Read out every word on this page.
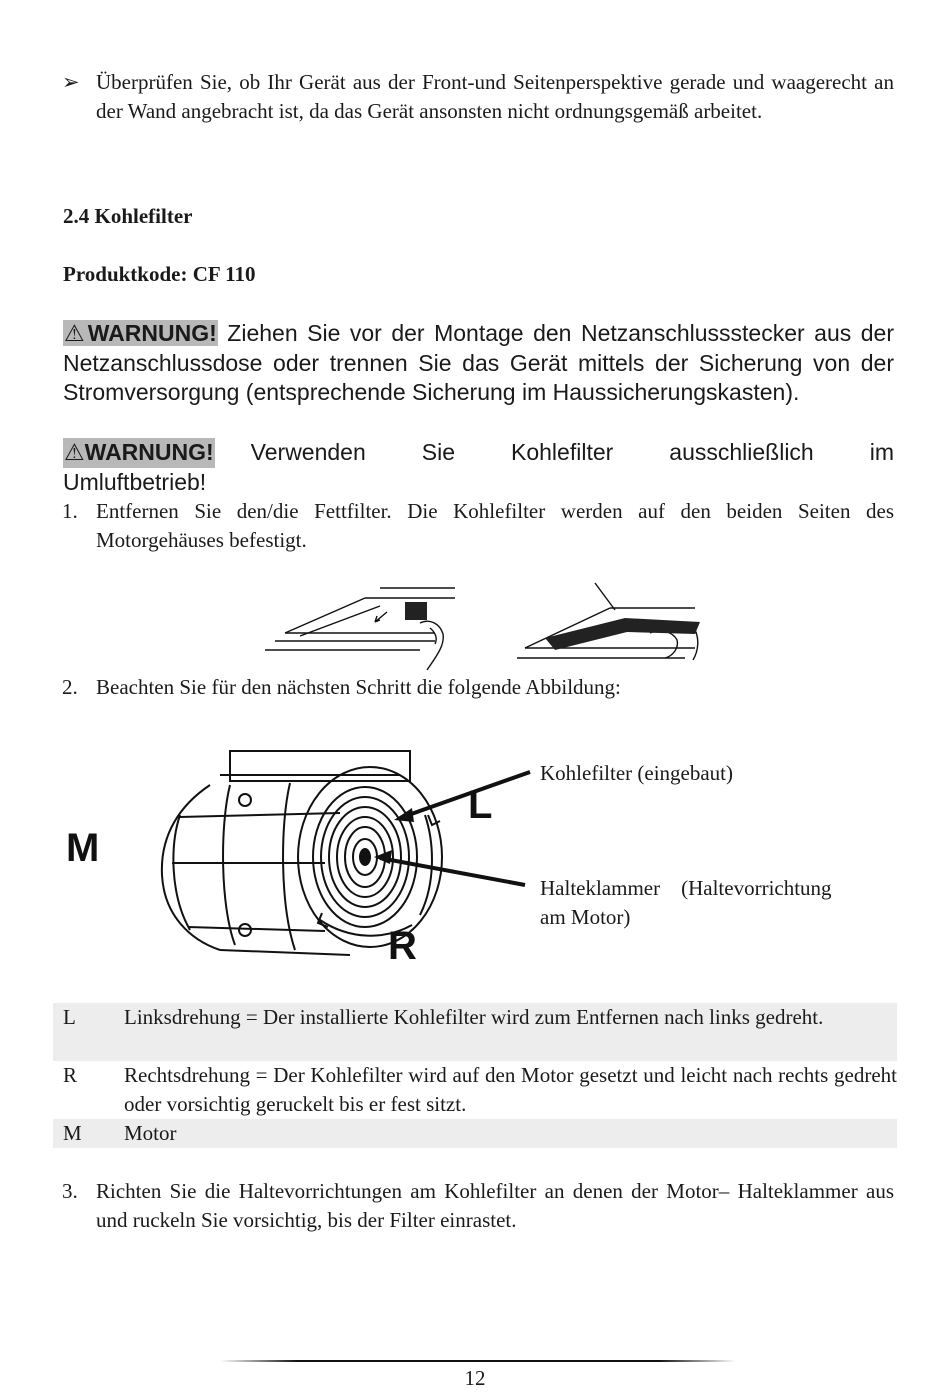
➢ Überprüfen Sie, ob Ihr Gerät aus der Front-und Seitenperspektive gerade und waagerecht an der Wand angebracht ist, da das Gerät ansonsten nicht ordnungsgemäß arbeitet.
2.4 Kohlefilter
Produktkode: CF 110
⚠WARNUNG! Ziehen Sie vor der Montage den Netzanschlussstecker aus der Netzanschlussdose oder trennen Sie das Gerät mittels der Sicherung von der Stromversorgung (entsprechende Sicherung im Haussicherungskasten).
⚠WARNUNG! Verwenden Sie Kohlefilter ausschließlich im
Umluftbetrieb!
1. Entfernen Sie den/die Fettfilter. Die Kohlefilter werden auf den beiden Seiten des Motorgehäuses befestigt.
2. Beachten Sie für den nächsten Schritt die folgende Abbildung:
M
L
R
Kohlefilter (eingebaut)
Halteklammer    (Haltevorrichtung
am Motor)
L Linksdrehung = Der installierte Kohlefilter wird zum Entfernen nach links gedreht.
R Rechtsdrehung = Der Kohlefilter wird auf den Motor gesetzt und leicht nach rechts gedreht oder vorsichtig geruckelt bis er fest sitzt.
M Motor
3. Richten Sie die Haltevorrichtungen am Kohlefilter an denen der Motor– Halteklammer aus und ruckeln Sie vorsichtig, bis der Filter einrastet.
12
